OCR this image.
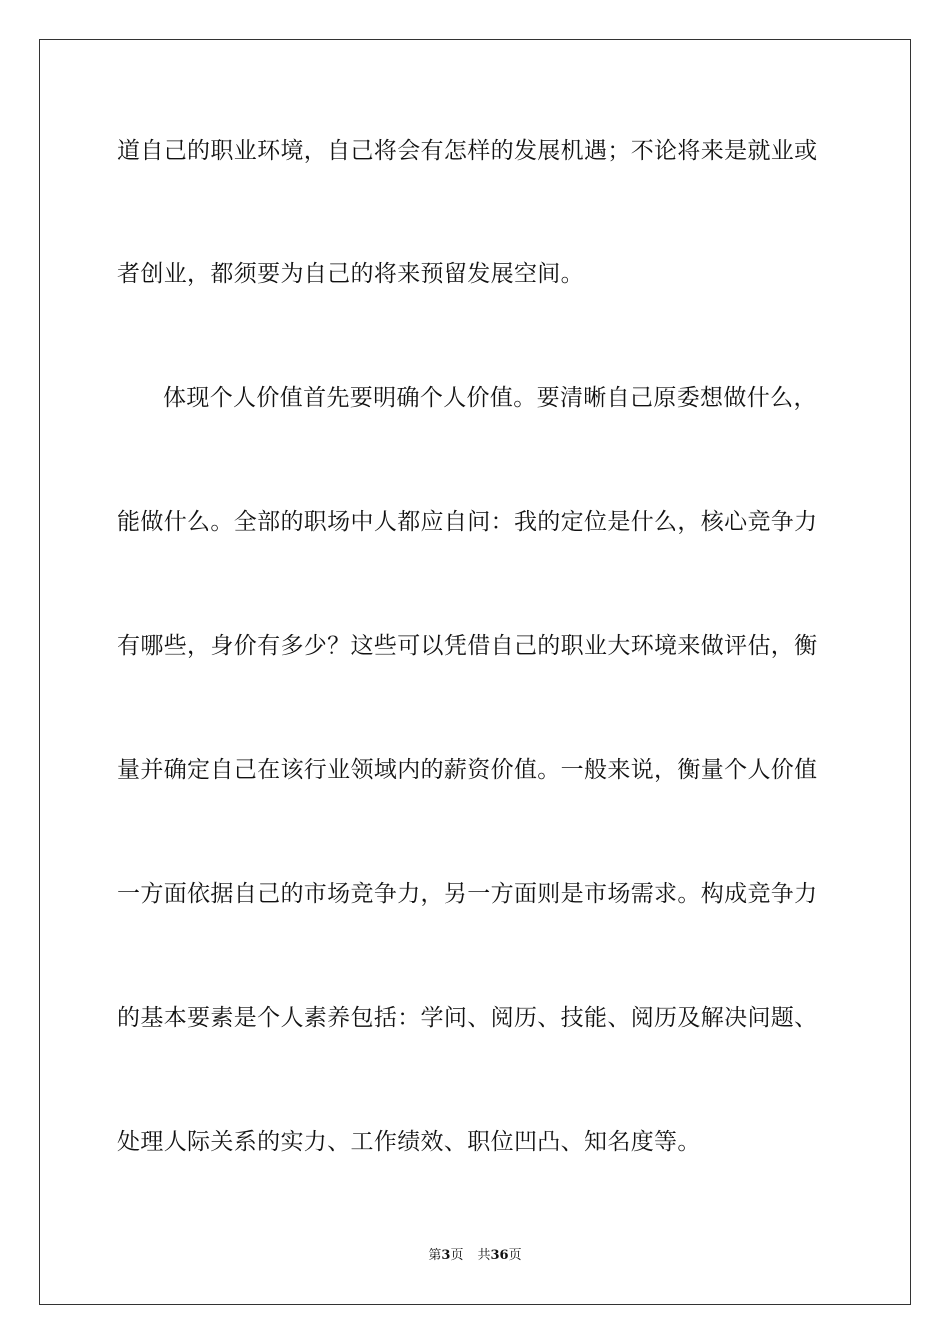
道自己的职业环境，自己将会有怎样的发展机遇；不论将来是就业或
者创业，都须要为自己的将来预留发展空间。
体现个人价值首先要明确个人价值。要清晰自己原委想做什么，
能做什么。全部的职场中人都应自问：我的定位是什么，核心竞争力
有哪些，身价有多少？这些可以凭借自己的职业大环境来做评估，衡
量并确定自己在该行业领域内的薪资价值。一般来说，衡量个人价值
一方面依据自己的市场竞争力，另一方面则是市场需求。构成竞争力
的基本要素是个人素养包括：学问、阅历、技能、阅历及解决问题、
处理人际关系的实力、工作绩效、职位凹凸、知名度等。
第3页 共36页
